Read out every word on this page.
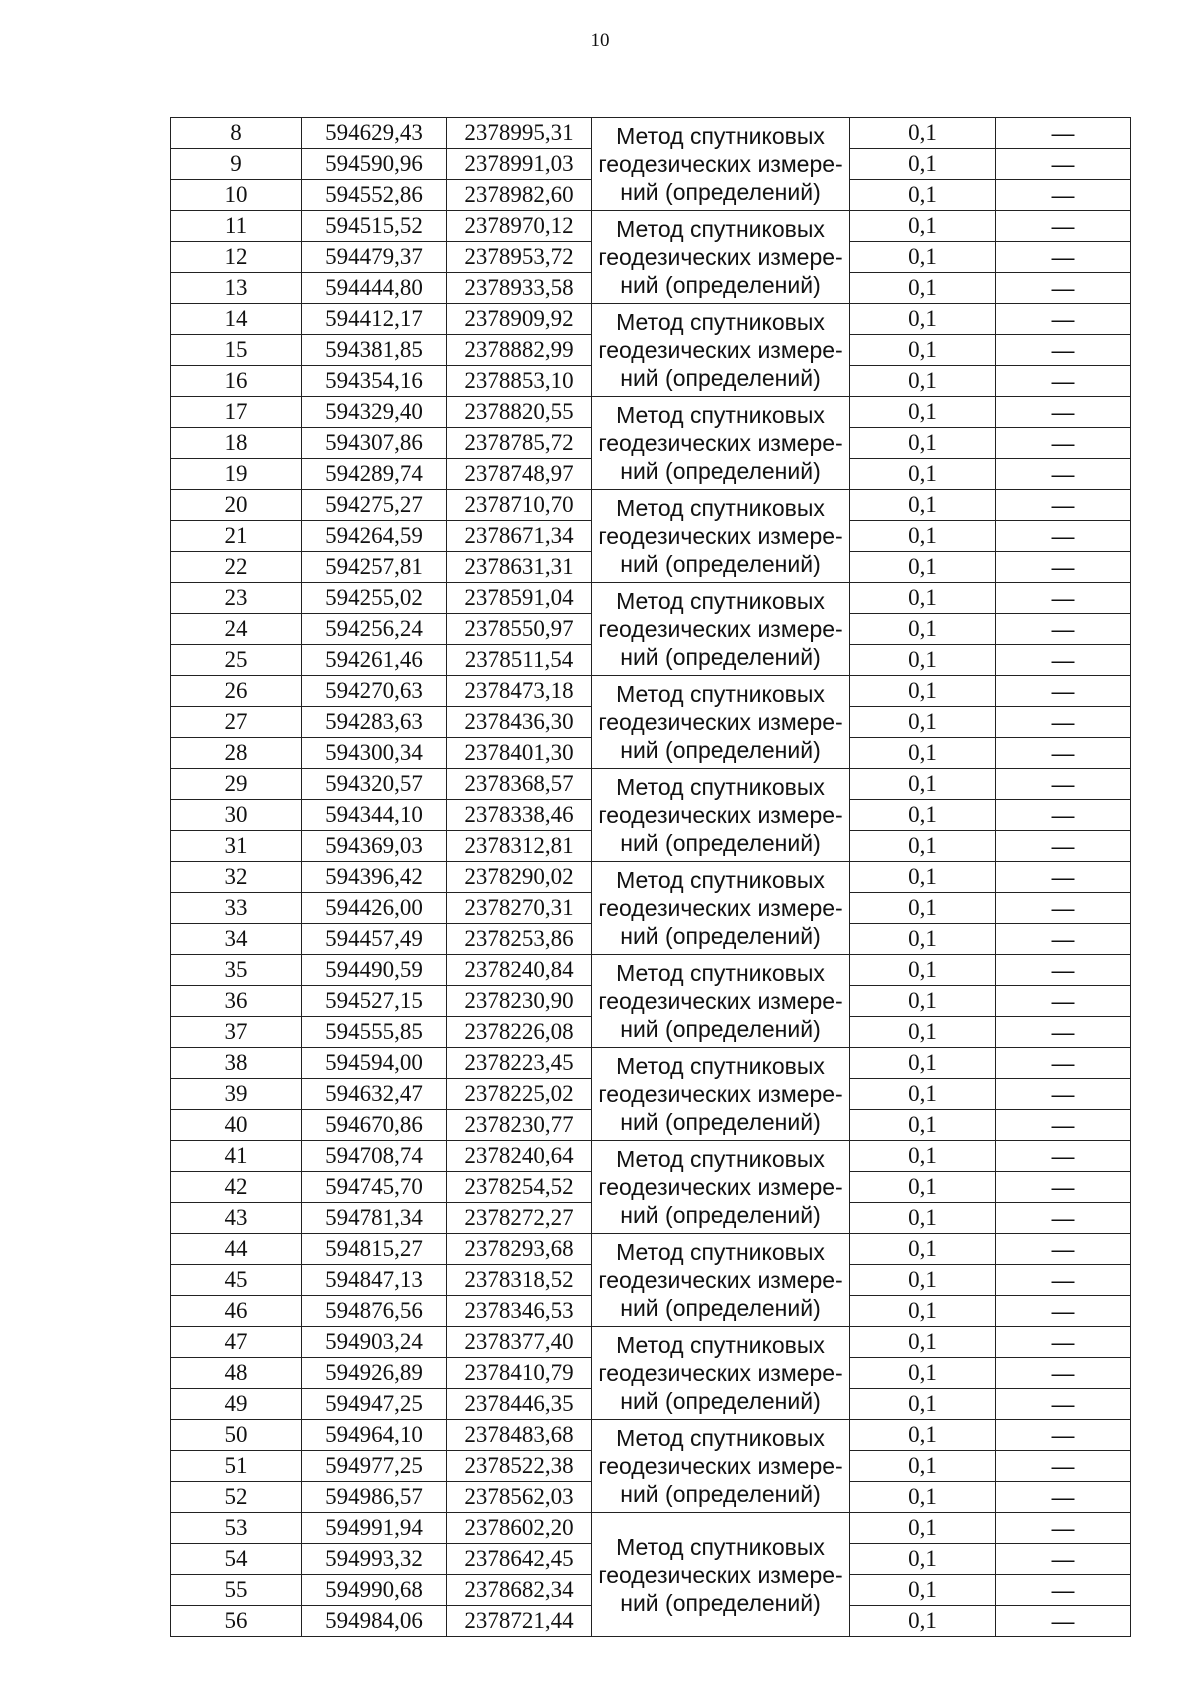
10
8	594629,43	2378995,31	Метод спутниковых
геодезических измере-
ний (определений)	0,1	—
9	594590,96	2378991,03		0,1	—
10	594552,86	2378982,60		0,1	—
11	594515,52	2378970,12	Метод спутниковых
геодезических измере-
ний (определений)	0,1	—
12	594479,37	2378953,72		0,1	—
13	594444,80	2378933,58		0,1	—
14	594412,17	2378909,92	Метод спутниковых
геодезических измере-
ний (определений)	0,1	—
15	594381,85	2378882,99		0,1	—
16	594354,16	2378853,10		0,1	—
17	594329,40	2378820,55	Метод спутниковых
геодезических измере-
ний (определений)	0,1	—
18	594307,86	2378785,72		0,1	—
19	594289,74	2378748,97		0,1	—
20	594275,27	2378710,70	Метод спутниковых
геодезических измере-
ний (определений)	0,1	—
21	594264,59	2378671,34		0,1	—
22	594257,81	2378631,31		0,1	—
23	594255,02	2378591,04	Метод спутниковых
геодезических измере-
ний (определений)	0,1	—
24	594256,24	2378550,97		0,1	—
25	594261,46	2378511,54		0,1	—
26	594270,63	2378473,18	Метод спутниковых
геодезических измере-
ний (определений)	0,1	—
27	594283,63	2378436,30		0,1	—
28	594300,34	2378401,30		0,1	—
29	594320,57	2378368,57	Метод спутниковых
геодезических измере-
ний (определений)	0,1	—
30	594344,10	2378338,46		0,1	—
31	594369,03	2378312,81		0,1	—
32	594396,42	2378290,02	Метод спутниковых
геодезических измере-
ний (определений)	0,1	—
33	594426,00	2378270,31		0,1	—
34	594457,49	2378253,86		0,1	—
35	594490,59	2378240,84	Метод спутниковых
геодезических измере-
ний (определений)	0,1	—
36	594527,15	2378230,90		0,1	—
37	594555,85	2378226,08		0,1	—
38	594594,00	2378223,45	Метод спутниковых
геодезических измере-
ний (определений)	0,1	—
39	594632,47	2378225,02		0,1	—
40	594670,86	2378230,77		0,1	—
41	594708,74	2378240,64	Метод спутниковых
геодезических измере-
ний (определений)	0,1	—
42	594745,70	2378254,52		0,1	—
43	594781,34	2378272,27		0,1	—
44	594815,27	2378293,68	Метод спутниковых
геодезических измере-
ний (определений)	0,1	—
45	594847,13	2378318,52		0,1	—
46	594876,56	2378346,53		0,1	—
47	594903,24	2378377,40	Метод спутниковых
геодезических измере-
ний (определений)	0,1	—
48	594926,89	2378410,79		0,1	—
49	594947,25	2378446,35		0,1	—
50	594964,10	2378483,68	Метод спутниковых
геодезических измере-
ний (определений)	0,1	—
51	594977,25	2378522,38		0,1	—
52	594986,57	2378562,03		0,1	—
53	594991,94	2378602,20	Метод спутниковых
геодезических измере-
ний (определений)	0,1	—
54	594993,32	2378642,45		0,1	—
55	594990,68	2378682,34		0,1	—
56	594984,06	2378721,44		0,1	—
